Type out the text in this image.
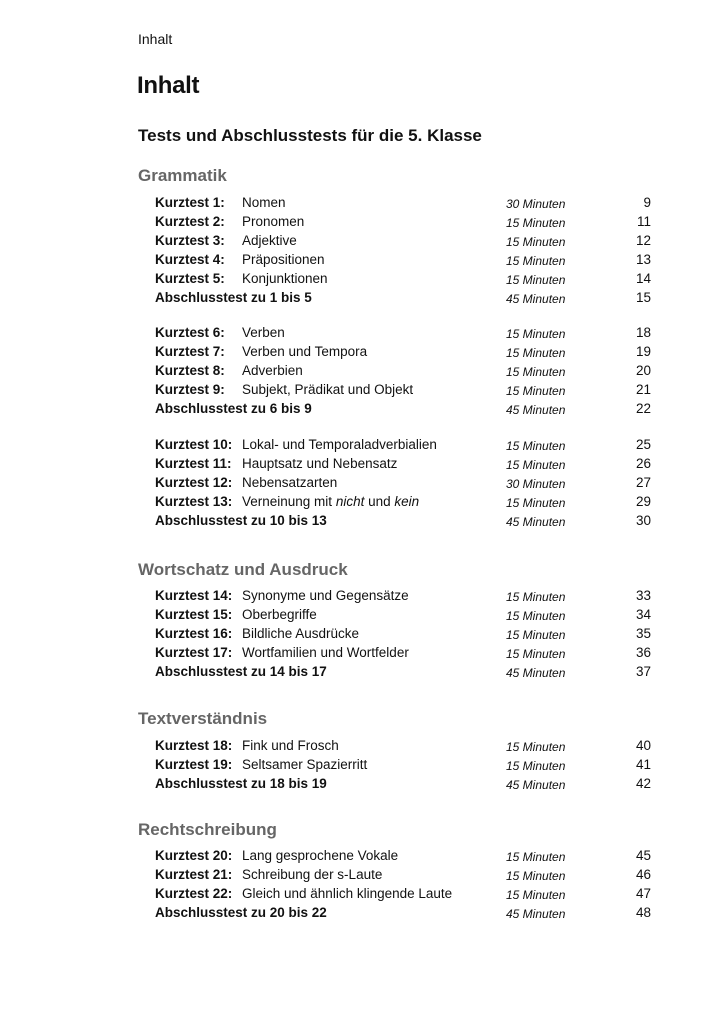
Inhalt
Inhalt
Tests und Abschlusstests für die 5. Klasse
Grammatik
Kurztest 1: Nomen	30 Minuten	9
Kurztest 2: Pronomen	15 Minuten	11
Kurztest 3: Adjektive	15 Minuten	12
Kurztest 4: Präpositionen	15 Minuten	13
Kurztest 5: Konjunktionen	15 Minuten	14
Abschlusstest zu 1 bis 5	45 Minuten	15
Kurztest 6: Verben	15 Minuten	18
Kurztest 7: Verben und Tempora	15 Minuten	19
Kurztest 8: Adverbien	15 Minuten	20
Kurztest 9: Subjekt, Prädikat und Objekt	15 Minuten	21
Abschlusstest zu 6 bis 9	45 Minuten	22
Kurztest 10: Lokal- und Temporaladverbialien	15 Minuten	25
Kurztest 11: Hauptsatz und Nebensatz	15 Minuten	26
Kurztest 12: Nebensatzarten	30 Minuten	27
Kurztest 13: Verneinung mit nicht und kein	15 Minuten	29
Abschlusstest zu 10 bis 13	45 Minuten	30
Wortschatz und Ausdruck
Kurztest 14: Synonyme und Gegensätze	15 Minuten	33
Kurztest 15: Oberbegriffe	15 Minuten	34
Kurztest 16: Bildliche Ausdrücke	15 Minuten	35
Kurztest 17: Wortfamilien und Wortfelder	15 Minuten	36
Abschlusstest zu 14 bis 17	45 Minuten	37
Textverständnis
Kurztest 18: Fink und Frosch	15 Minuten	40
Kurztest 19: Seltsamer Spazierritt	15 Minuten	41
Abschlusstest zu 18 bis 19	45 Minuten	42
Rechtschreibung
Kurztest 20: Lang gesprochene Vokale	15 Minuten	45
Kurztest 21: Schreibung der s-Laute	15 Minuten	46
Kurztest 22: Gleich und ähnlich klingende Laute	15 Minuten	47
Abschlusstest zu 20 bis 22	45 Minuten	48
